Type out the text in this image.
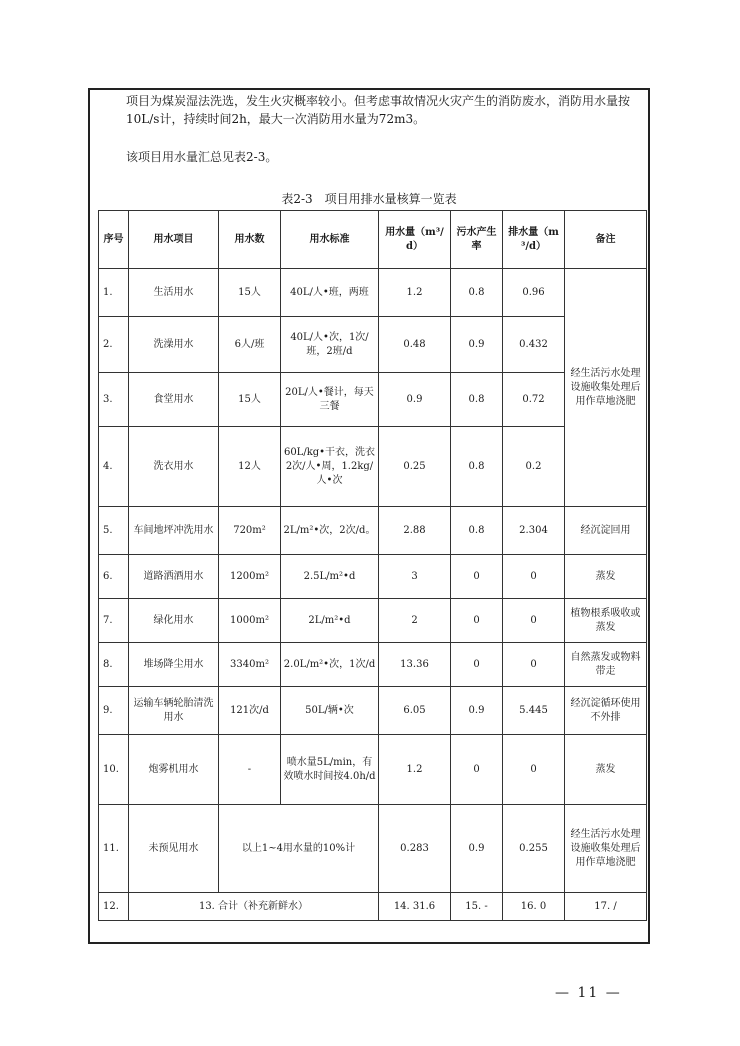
项目为煤炭湿法洗选，发生火灾概率较小。但考虑事故情况火灾产生的消防废水，消防用水量按10L/s计，持续时间2h，最大一次消防用水量为72m3。
该项目用水量汇总见表2-3。
表2-3　项目用排水量核算一览表
序号	用水项目	用水数	用水标准	用水量（m³/d）	污水产生率	排水量（m³/d）	备注
1.	生活用水	15人	40L/人•班，两班	1.2	0.8	0.96	经生活污水处理设施收集处理后用作草地浇肥
2.	洗澡用水	6人/班	40L/人•次，1次/班，2班/d	0.48	0.9	0.432	
3.	食堂用水	15人	20L/人•餐计，每天三餐	0.9	0.8	0.72	
4.	洗衣用水	12人	60L/kg•干衣，洗衣2次/人•周，1.2kg/人•次	0.25	0.8	0.2	
5.	车间地坪冲洗用水	720m²	2L/m²•次，2次/d。	2.88	0.8	2.304	经沉淀回用
6.	道路洒酒用水	1200m²	2.5L/m²•d	3	0	0	蒸发
7.	绿化用水	1000m²	2L/m²•d	2	0	0	植物根系吸收或蒸发
8.	堆场降尘用水	3340m²	2.0L/m²•次，1次/d	13.36	0	0	自然蒸发或物料带走
9.	运输车辆轮胎清洗用水	121次/d	50L/辆•次	6.05	0.9	5.445	经沉淀循环使用不外排
10.	炮雾机用水	-	喷水量5L/min，有效喷水时间按4.0h/d	1.2	0	0	蒸发
11.	未预见用水	以上1~4用水量的10%计		0.283	0.9	0.255	经生活污水处理设施收集处理后用作草地浇肥
12.	13. 合计（补充新鲜水）			14. 31.6	15. -	16. 0	17. /
— 11 —
